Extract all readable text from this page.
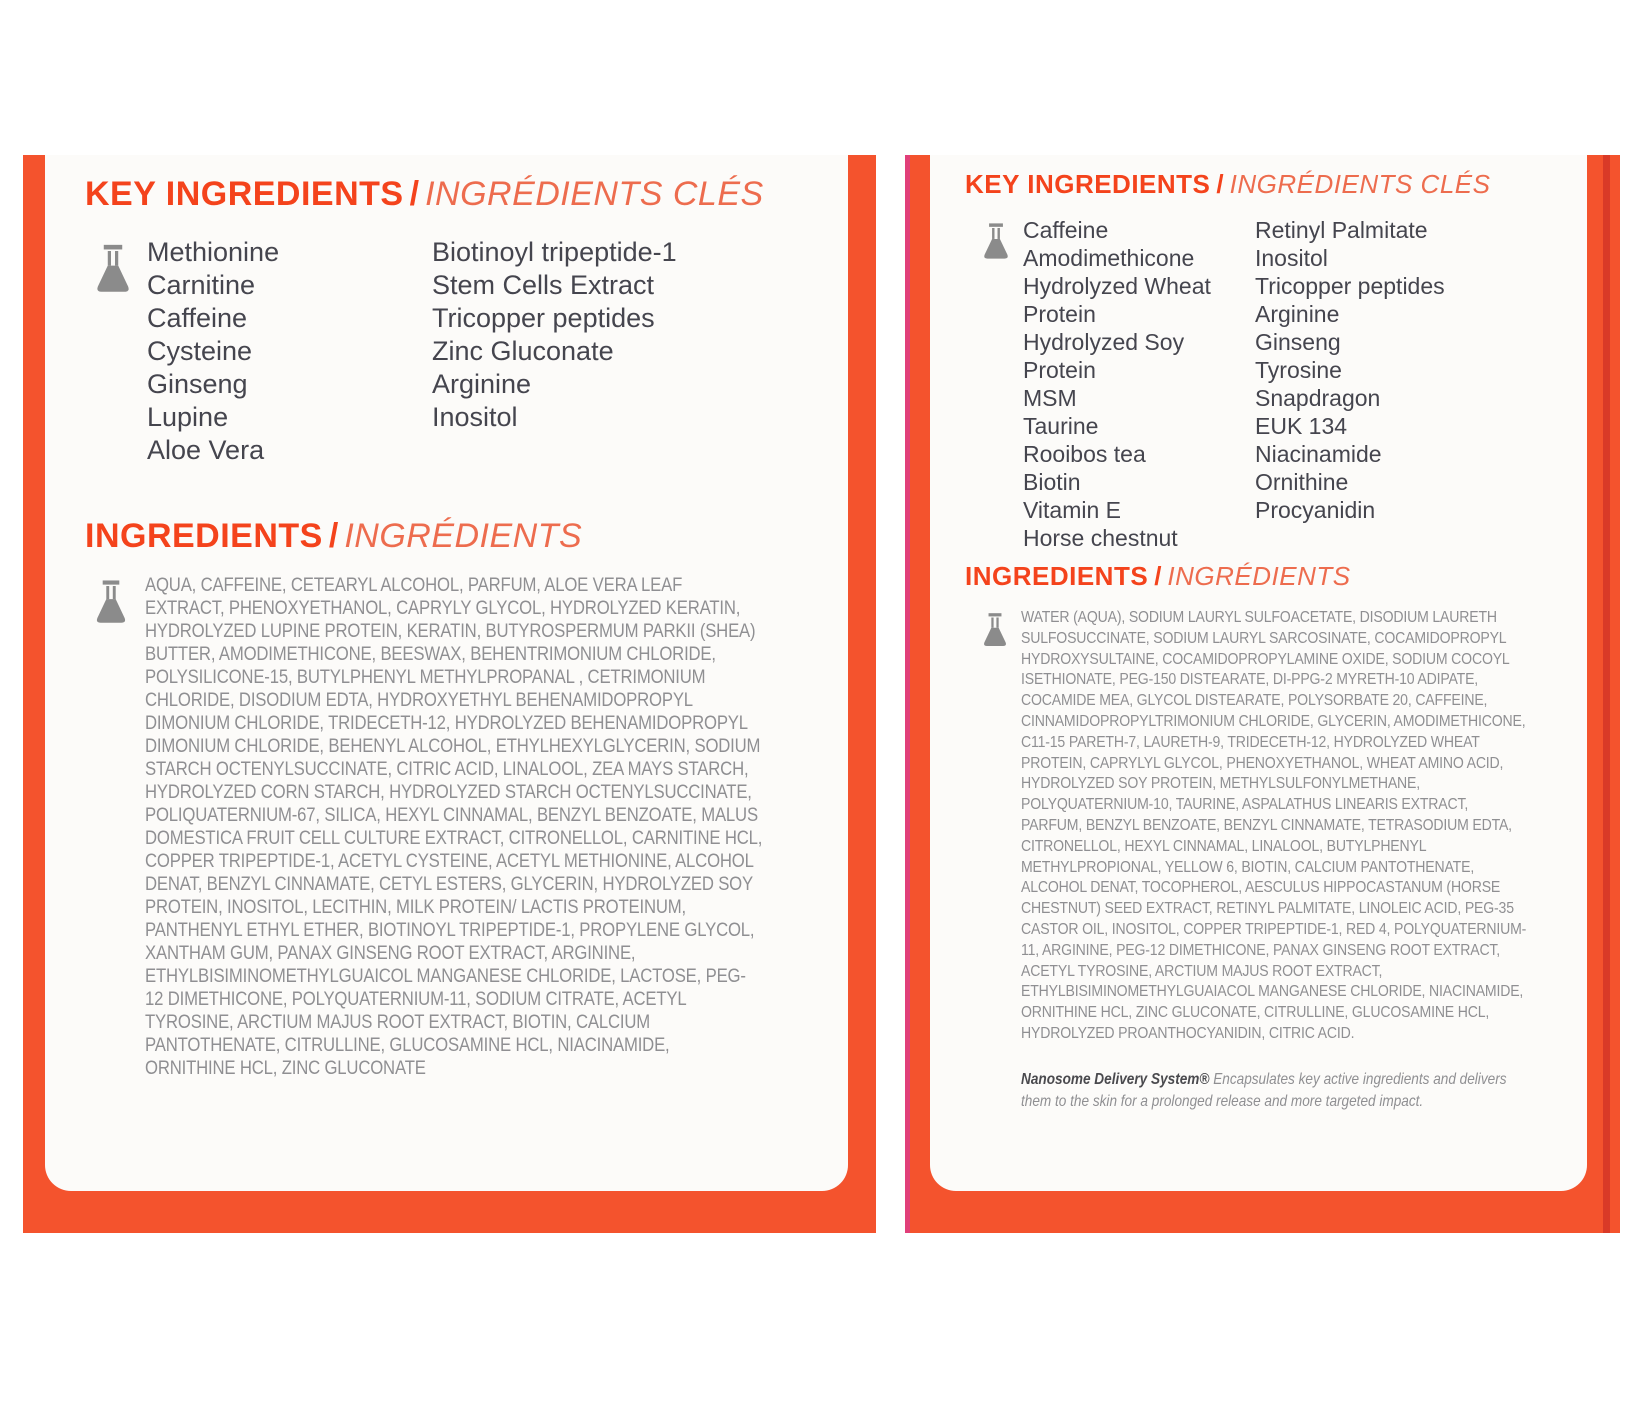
KEY INGREDIENTS / INGRÉDIENTS CLÉS
Methionine
Carnitine
Caffeine
Cysteine
Ginseng
Lupine
Aloe Vera
Biotinoyl tripeptide-1
Stem Cells Extract
Tricopper peptides
Zinc Gluconate
Arginine
Inositol
INGREDIENTS / INGRÉDIENTS
AQUA, CAFFEINE, CETEARYL ALCOHOL, PARFUM, ALOE VERA LEAF EXTRACT, PHENOXYETHANOL, CAPRYLY GLYCOL, HYDROLYZED KERATIN, HYDROLYZED LUPINE PROTEIN, KERATIN, BUTYROSPERMUM PARKII (SHEA) BUTTER, AMODIMETHICONE, BEESWAX, BEHENTRIMONIUM CHLORIDE, POLYSILICONE-15, BUTYLPHENYL METHYLPROPANAL , CETRIMONIUM CHLORIDE, DISODIUM EDTA, HYDROXYETHYL BEHENAMIDOPROPYL DIMONIUM CHLORIDE, TRIDECETH-12, HYDROLYZED BEHENAMIDOPROPYL DIMONIUM CHLORIDE, BEHENYL ALCOHOL, ETHYLHEXYLGLYCERIN, SODIUM STARCH OCTENYLSUCCINATE, CITRIC ACID, LINALOOL, ZEA MAYS STARCH, HYDROLYZED CORN STARCH, HYDROLYZED STARCH OCTENYLSUCCINATE, POLIQUATERNIUM-67, SILICA, HEXYL CINNAMAL, BENZYL BENZOATE, MALUS DOMESTICA FRUIT CELL CULTURE EXTRACT, CITRONELLOL, CARNITINE HCL, COPPER TRIPEPTIDE-1, ACETYL CYSTEINE, ACETYL METHIONINE, ALCOHOL DENAT, BENZYL CINNAMATE, CETYL ESTERS, GLYCERIN, HYDROLYZED SOY PROTEIN, INOSITOL, LECITHIN, MILK PROTEIN/ LACTIS PROTEINUM, PANTHENYL ETHYL ETHER, BIOTINOYL TRIPEPTIDE-1, PROPYLENE GLYCOL, XANTHAM GUM, PANAX GINSENG ROOT EXTRACT, ARGININE, ETHYLBISIMINOMETHYLGUAICOL MANGANESE CHLORIDE, LACTOSE, PEG-12 DIMETHICONE, POLYQUATERNIUM-11, SODIUM CITRATE, ACETYL TYROSINE, ARCTIUM MAJUS ROOT EXTRACT, BIOTIN, CALCIUM PANTOTHENATE, CITRULLINE, GLUCOSAMINE HCL, NIACINAMIDE, ORNITHINE HCL, ZINC GLUCONATE
KEY INGREDIENTS / INGRÉDIENTS CLÉS
Caffeine
Amodimethicone
Hydrolyzed Wheat Protein
Hydrolyzed Soy Protein
MSM
Taurine
Rooibos tea
Biotin
Vitamin E
Horse chestnut
Retinyl Palmitate
Inositol
Tricopper peptides
Arginine
Ginseng
Tyrosine
Snapdragon
EUK 134
Niacinamide
Ornithine
Procyanidin
INGREDIENTS / INGRÉDIENTS
WATER (AQUA), SODIUM LAURYL SULFOACETATE, DISODIUM LAURETH SULFOSUCCINATE, SODIUM LAURYL SARCOSINATE, COCAMIDOPROPYL HYDROXYSULTAINE, COCAMIDOPROPYLAMINE OXIDE, SODIUM COCOYL ISETHIONATE, PEG-150 DISTEARATE, DI-PPG-2 MYRETH-10 ADIPATE, COCAMIDE MEA, GLYCOL DISTEARATE, POLYSORBATE 20, CAFFEINE, CINNAMIDOPROPYLTRIMONIUM CHLORIDE, GLYCERIN, AMODIMETHICONE, C11-15 PARETH-7, LAURETH-9, TRIDECETH-12, HYDROLYZED WHEAT PROTEIN, CAPRYLYL GLYCOL, PHENOXYETHANOL, WHEAT AMINO ACID, HYDROLYZED SOY PROTEIN, METHYLSULFONYLMETHANE, POLYQUATERNIUM-10, TAURINE, ASPALATHUS LINEARIS EXTRACT, PARFUM, BENZYL BENZOATE, BENZYL CINNAMATE, TETRASODIUM EDTA, CITRONELLOL, HEXYL CINNAMAL, LINALOOL, BUTYLPHENYL METHYLPROPIONAL, YELLOW 6, BIOTIN, CALCIUM PANTOTHENATE, ALCOHOL DENAT, TOCOPHEROL, AESCULUS HIPPOCASTANUM (HORSE CHESTNUT) SEED EXTRACT, RETINYL PALMITATE, LINOLEIC ACID, PEG-35 CASTOR OIL, INOSITOL, COPPER TRIPEPTIDE-1, RED 4, POLYQUATERNIUM-11, ARGININE, PEG-12 DIMETHICONE, PANAX GINSENG ROOT EXTRACT, ACETYL TYROSINE, ARCTIUM MAJUS ROOT EXTRACT, ETHYLBISIMINOMETHYLGUAIACOL MANGANESE CHLORIDE, NIACINAMIDE, ORNITHINE HCL, ZINC GLUCONATE, CITRULLINE, GLUCOSAMINE HCL, HYDROLYZED PROANTHOCYANIDIN, CITRIC ACID.
Nanosome Delivery System® Encapsulates key active ingredients and delivers them to the skin for a prolonged release and more targeted impact.
